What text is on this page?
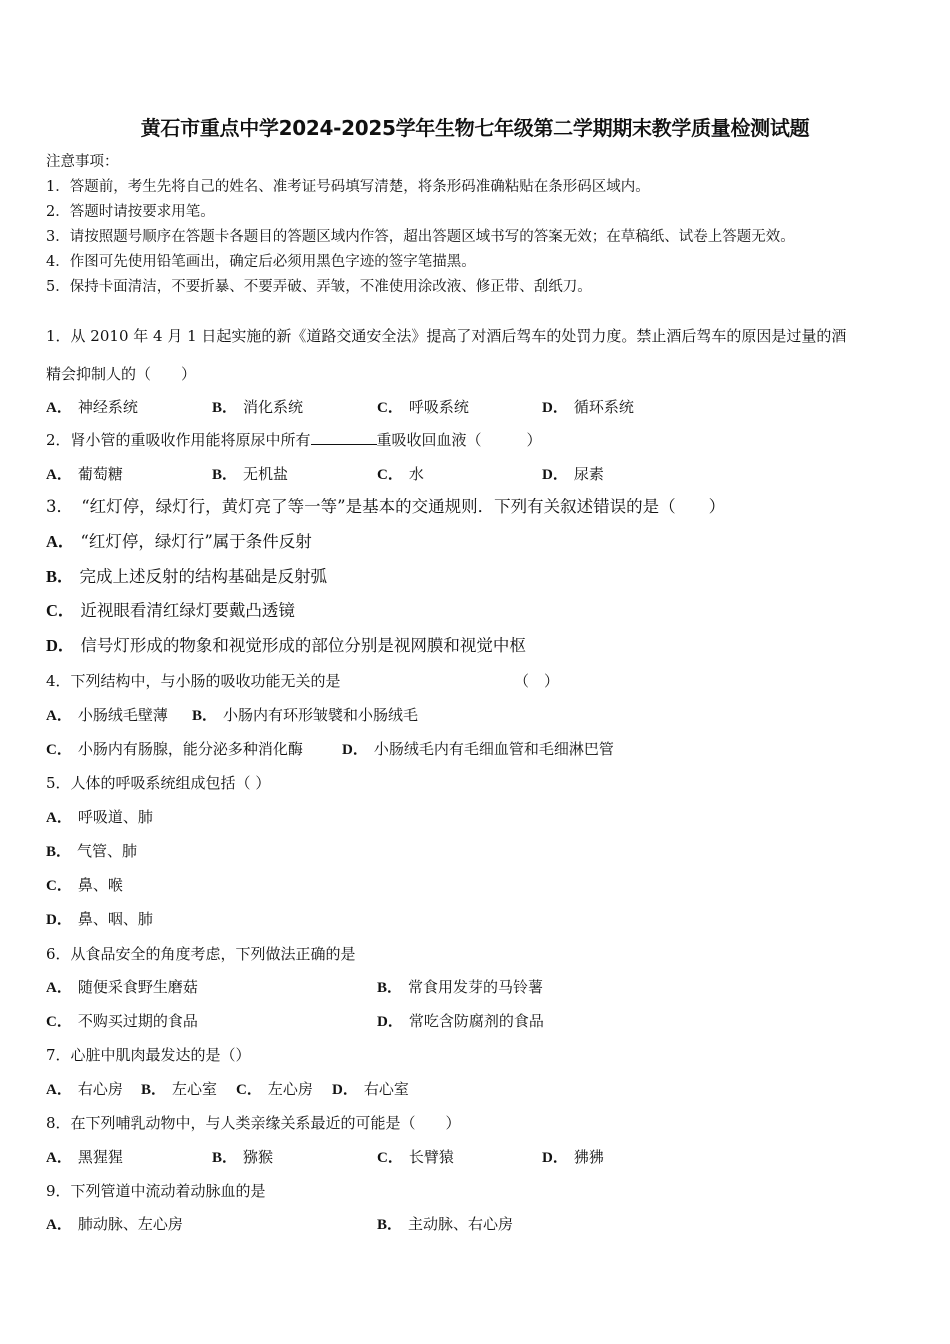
黄石市重点中学2024-2025学年生物七年级第二学期期末教学质量检测试题
注意事项：
1．答题前，考生先将自己的姓名、准考证号码填写清楚，将条形码准确粘贴在条形码区域内。
2．答题时请按要求用笔。
3．请按照题号顺序在答题卡各题目的答题区域内作答，超出答题区域书写的答案无效；在草稿纸、试卷上答题无效。
4．作图可先使用铅笔画出，确定后必须用黑色字迹的签字笔描黑。
5．保持卡面清洁，不要折暴、不要弄破、弄皱，不准使用涂改液、修正带、刮纸刀。
1．从 2010 年 4 月 1 日起实施的新《道路交通安全法》提高了对酒后驾车的处罚力度。禁止酒后驾车的原因是过量的酒
精会抑制人的（　　）
A． 神经系统	B． 消化系统	C． 呼吸系统	D． 循环系统
2．肾小管的重吸收作用能将原尿中所有	重吸收回血液（　　　）
A． 葡萄糖	B． 无机盐	C． 水	D． 尿素
3．　“红灯停，绿灯行，黄灯亮了等一等”是基本的交通规则．下列有关叙述错误的是（　　）
A． “红灯停，绿灯行”属于条件反射
B． 完成上述反射的结构基础是反射弧
C． 近视眼看清红绿灯要戴凸透镜
D． 信号灯形成的物象和视觉形成的部位分别是视网膜和视觉中枢
4．下列结构中，与小肠的吸收功能无关的是	（　）
A． 小肠绒毛壁薄 B． 小肠内有环形皱襞和小肠绒毛
C． 小肠内有肠腺，能分泌多种消化酶	D． 小肠绒毛内有毛细血管和毛细淋巴管
5．人体的呼吸系统组成包括（ ）
A． 呼吸道、肺
B． 气管、肺
C． 鼻、喉
D． 鼻、咽、肺
6．从食品安全的角度考虑，下列做法正确的是
A． 随便采食野生磨菇	B． 常食用发芽的马铃薯
C． 不购买过期的食品	D． 常吃含防腐剂的食品
7．心脏中肌肉最发达的是（）
A． 右心房 B． 左心室 C． 左心房 D． 右心室
8．在下列哺乳动物中，与人类亲缘关系最近的可能是（　　）
A． 黑猩猩	B． 猕猴	C． 长臂猿	D． 狒狒
9．下列管道中流动着动脉血的是
A． 肺动脉、左心房	B． 主动脉、右心房
